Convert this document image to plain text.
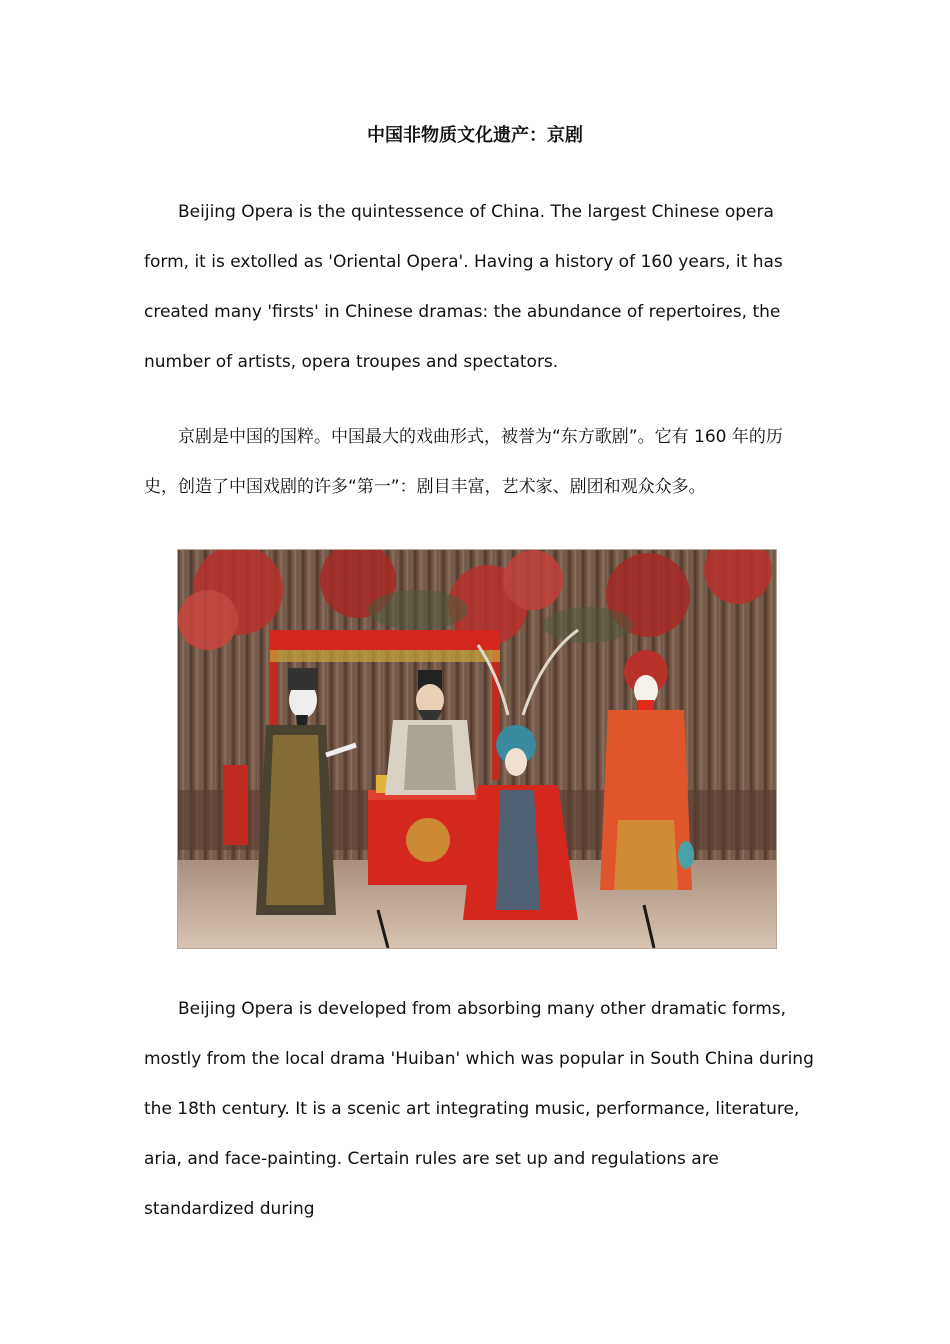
中国非物质文化遗产：京剧

Beijing Opera is the quintessence of China. The largest Chinese opera form, it is extolled as 'Oriental Opera'. Having a history of 160 years, it has created many 'firsts' in Chinese dramas: the abundance of repertoires, the number of artists, opera troupes and spectators.

京剧是中国的国粹。中国最大的戏曲形式，被誉为“东方歌剧”。它有 160 年的历史，创造了中国戏剧的许多“第一”：剧目丰富，艺术家、剧团和观众众多。

Beijing Opera is developed from absorbing many other dramatic forms, mostly from the local drama 'Huiban' which was popular in South China during the 18th century. It is a scenic art integrating music, performance, literature, aria, and face-painting. Certain rules are set up and regulations are standardized during
